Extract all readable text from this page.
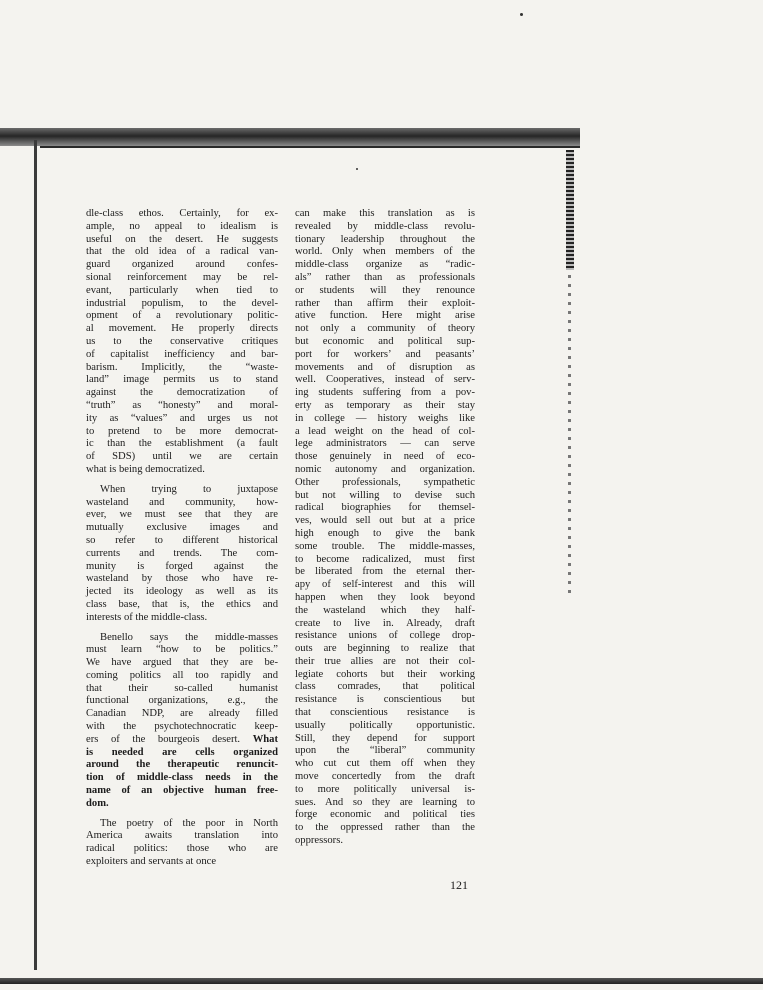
dle-class ethos. Certainly, for ex-
ample, no appeal to idealism is
useful on the desert. He suggests
that the old idea of a radical van-
guard organized around confes-
sional reinforcement may be rel-
evant, particularly when tied to
industrial populism, to the devel-
opment of a revolutionary politic-
al movement. He properly directs
us to the conservative critiques
of capitalist inefficiency and bar-
barism. Implicitly, the “waste-
land” image permits us to stand
against the democratization of
“truth” as “honesty” and moral-
ity as “values” and urges us not
to pretend to be more democrat-
ic than the establishment (a fault
of SDS) until we are certain
what is being democratized.
When trying to juxtapose
wasteland and community, how-
ever, we must see that they are
mutually exclusive images and
so refer to different historical
currents and trends. The com-
munity is forged against the
wasteland by those who have re-
jected its ideology as well as its
class base, that is, the ethics and
interests of the middle-class.
Benello says the middle-masses
must learn “how to be politics.”
We have argued that they are be-
coming politics all too rapidly and
that their so-called humanist
functional organizations, e.g., the
Canadian NDP, are already filled
with the psychotechnocratic keep-
ers of the bourgeois desert. What
is needed are cells organized
around the therapeutic renuncit-
tion of middle-class needs in the
name of an objective human free-
dom.
The poetry of the poor in North
America awaits translation into
radical politics: those who are
exploiters and servants at once
can make this translation as is
revealed by middle-class revolu-
tionary leadership throughout the
world. Only when members of the
middle-class organize as “radic-
als” rather than as professionals
or students will they renounce
rather than affirm their exploit-
ative function. Here might arise
not only a community of theory
but economic and political sup-
port for workers’ and peasants’
movements and of disruption as
well. Cooperatives, instead of serv-
ing students suffering from a pov-
erty as temporary as their stay
in college — history weighs like
a lead weight on the head of col-
lege administrators — can serve
those genuinely in need of eco-
nomic autonomy and organization.
Other professionals, sympathetic
but not willing to devise such
radical biographies for themsel-
ves, would sell out but at a price
high enough to give the bank
some trouble. The middle-masses,
to become radicalized, must first
be liberated from the eternal ther-
apy of self-interest and this will
happen when they look beyond
the wasteland which they half-
create to live in. Already, draft
resistance unions of college drop-
outs are beginning to realize that
their true allies are not their col-
legiate cohorts but their working
class comrades, that political
resistance is conscientious but
that conscientious resistance is
usually politically opportunistic.
Still, they depend for support
upon the “liberal” community
who cut cut them off when they
move concertedly from the draft
to more politically universal is-
sues. And so they are learning to
forge economic and political ties
to the oppressed rather than the
oppressors.
121
